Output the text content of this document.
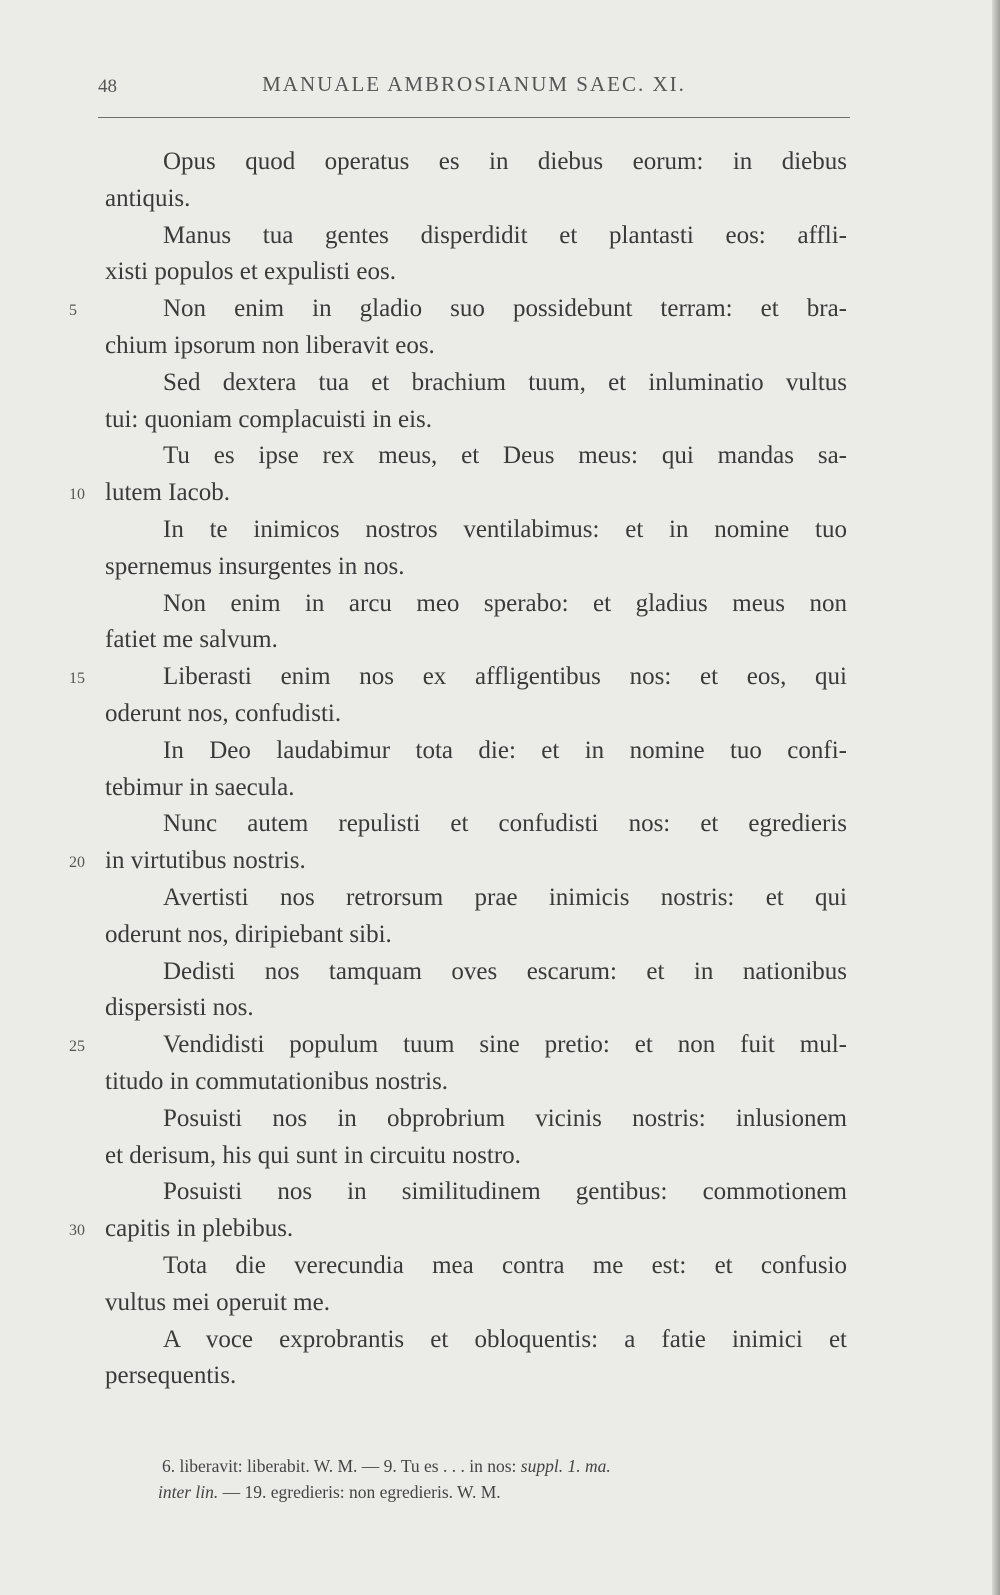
48	MANUALE AMBROSIANUM SAEC. XI.
Opus quod operatus es in diebus eorum: in diebus
antiquis.
Manus tua gentes disperdidit et plantasti eos: affli-
xisti populos et expulisti eos.
5	Non enim in gladio suo possidebunt terram: et bra-
chium ipsorum non liberavit eos.
Sed dextera tua et brachium tuum, et inluminatio vultus
tui: quoniam complacuisti in eis.
Tu es ipse rex meus, et Deus meus: qui mandas sa-
10 lutem Iacob.
In te inimicos nostros ventilabimus: et in nomine tuo
spernemus insurgentes in nos.
Non enim in arcu meo sperabo: et gladius meus non
fatiet me salvum.
15	Liberasti enim nos ex affligentibus nos: et eos, qui
oderunt nos, confudisti.
In Deo laudabimur tota die: et in nomine tuo confi-
tebimur in saecula.
Nunc autem repulisti et confudisti nos: et egredieris
20 in virtutibus nostris.
Avertisti nos retrorsum prae inimicis nostris: et qui
oderunt nos, diripiebant sibi.
Dedisti nos tamquam oves escarum: et in nationibus
dispersisti nos.
25	Vendidisti populum tuum sine pretio: et non fuit mul-
titudo in commutationibus nostris.
Posuisti nos in obprobrium vicinis nostris: inlusionem
et derisum, his qui sunt in circuitu nostro.
Posuisti nos in similitudinem gentibus: commotionem
30 capitis in plebibus.
Tota die verecundia mea contra me est: et confusio
vultus mei operuit me.
A voce exprobrantis et obloquentis: a fatie inimici et
persequentis.
6. liberavit: liberabit. W. M. — 9. Tu es . . . in nos: suppl. 1. ma.
inter lin. — 19. egredieris: non egredieris. W. M.
